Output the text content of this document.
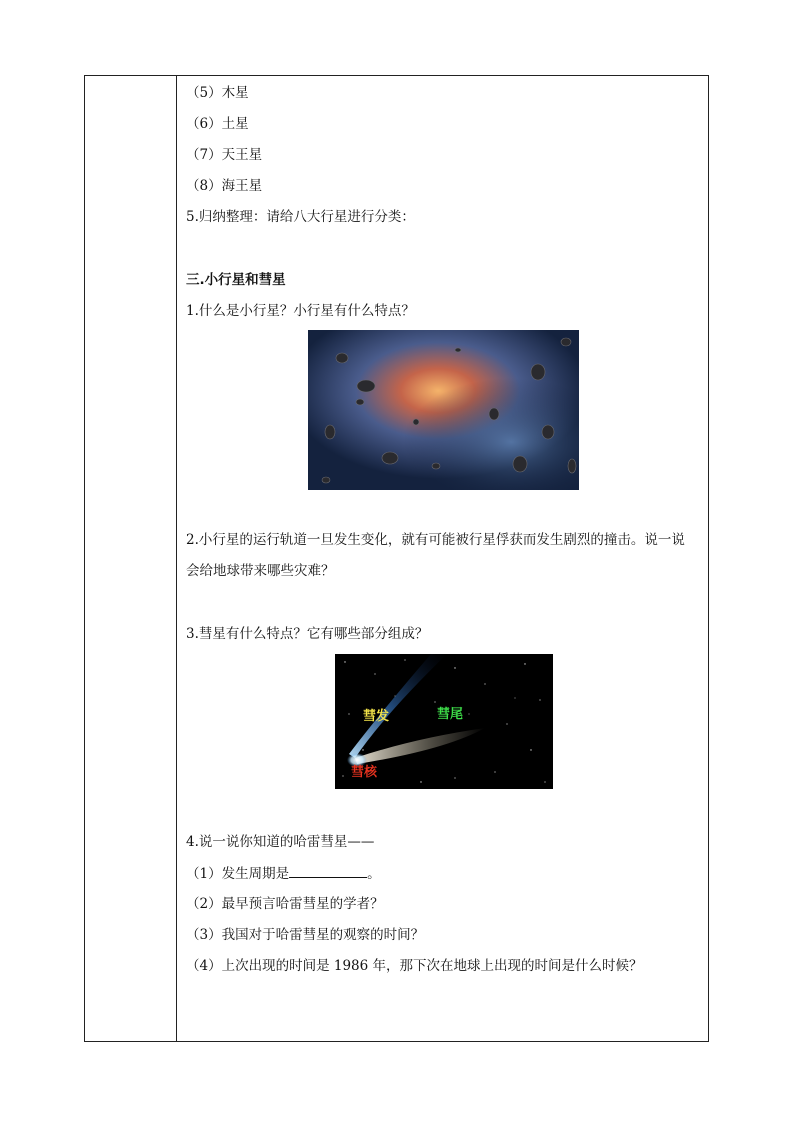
（5）木星
（6）土星
（7）天王星
（8）海王星
5.归纳整理：请给八大行星进行分类：
三.小行星和彗星
1.什么是小行星？小行星有什么特点？
2.小行星的运行轨道一旦发生变化，就有可能被行星俘获而发生剧烈的撞击。说一说
会给地球带来哪些灾难？
3.彗星有什么特点？它有哪些部分组成？
彗发	彗尾
彗核
4.说一说你知道的哈雷彗星——
（1）发生周期是	。
（2）最早预言哈雷彗星的学者？
（3）我国对于哈雷彗星的观察的时间？
（4）上次出现的时间是 1986 年，那下次在地球上出现的时间是什么时候？
